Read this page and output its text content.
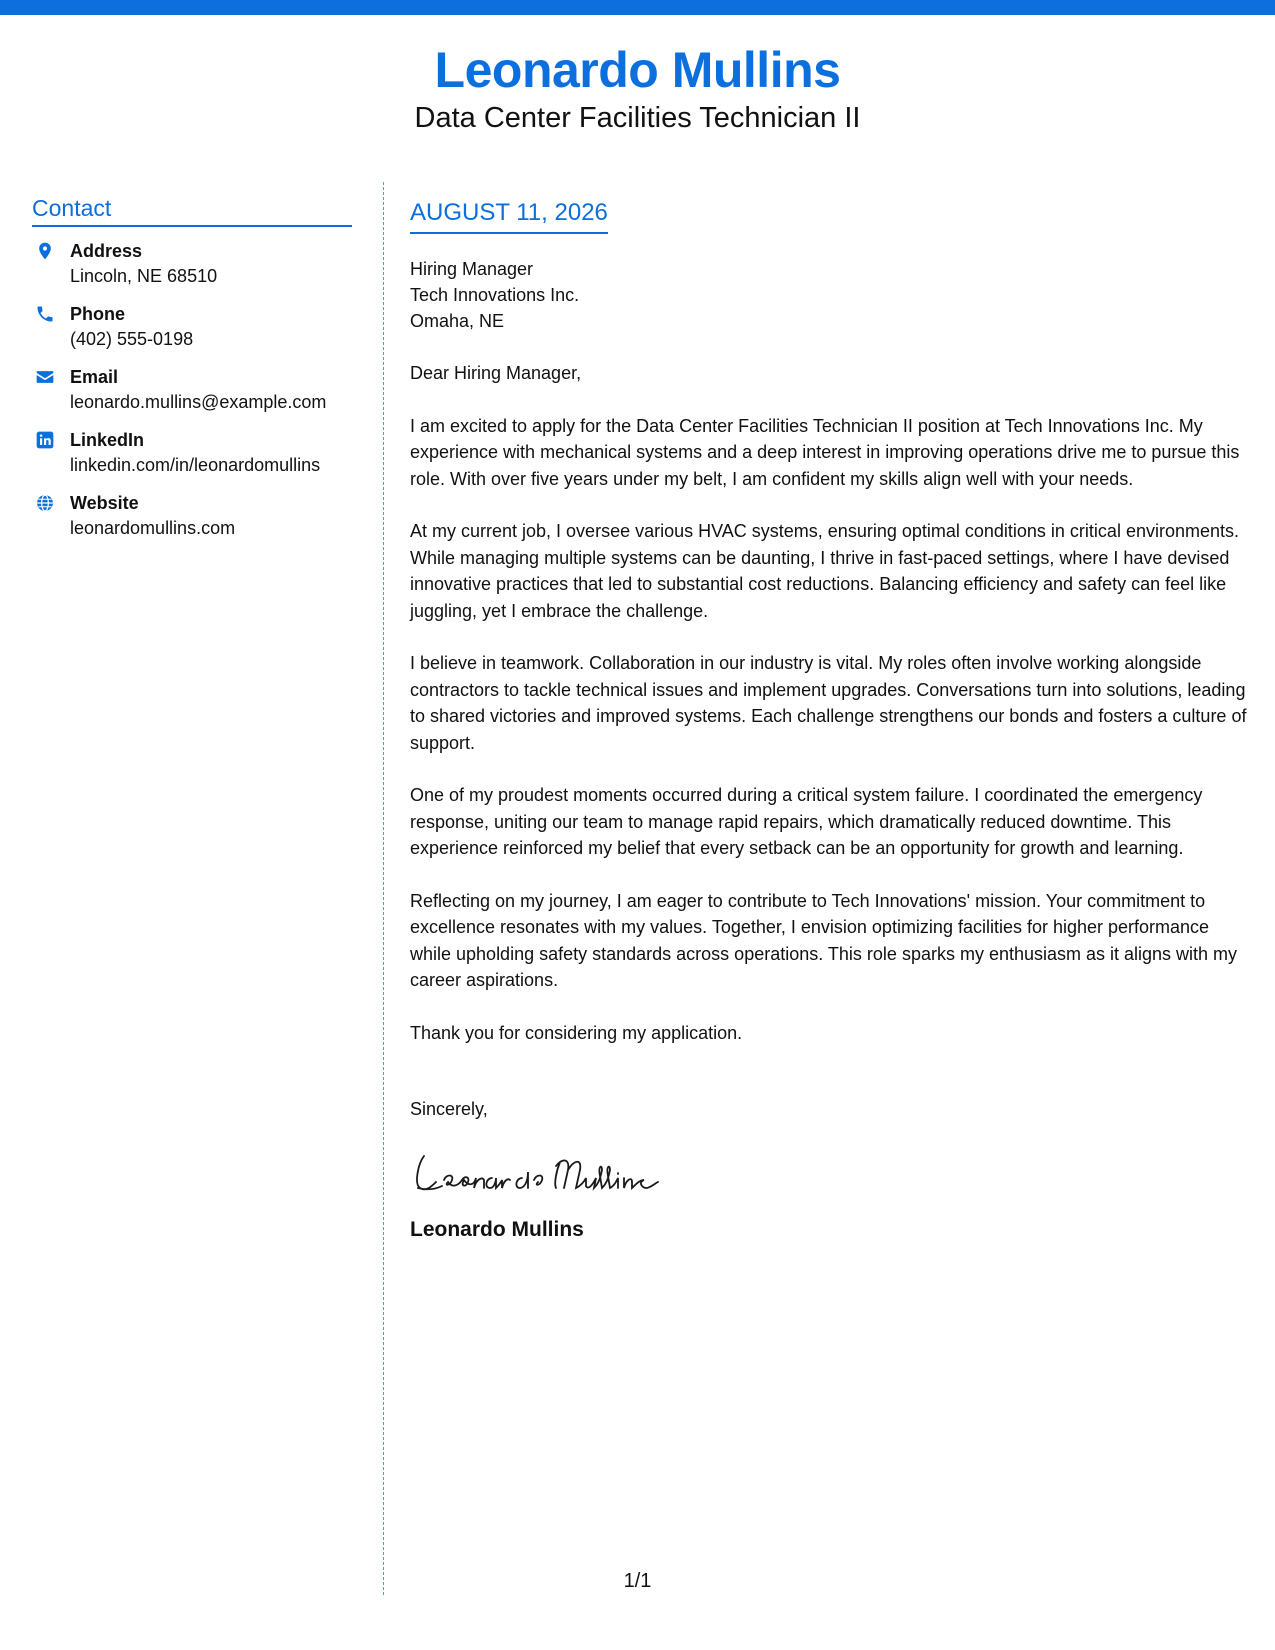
Leonardo Mullins
Data Center Facilities Technician II
Contact
Address
Lincoln, NE 68510
Phone
(402) 555-0198
Email
leonardo.mullins@example.com
LinkedIn
linkedin.com/in/leonardomullins
Website
leonardomullins.com
AUGUST 11, 2026
Hiring Manager
Tech Innovations Inc.
Omaha, NE

Dear Hiring Manager,

I am excited to apply for the Data Center Facilities Technician II position at Tech Innovations Inc. My experience with mechanical systems and a deep interest in improving operations drive me to pursue this role. With over five years under my belt, I am confident my skills align well with your needs.

At my current job, I oversee various HVAC systems, ensuring optimal conditions in critical environments. While managing multiple systems can be daunting, I thrive in fast-paced settings, where I have devised innovative practices that led to substantial cost reductions. Balancing efficiency and safety can feel like juggling, yet I embrace the challenge.

I believe in teamwork. Collaboration in our industry is vital. My roles often involve working alongside contractors to tackle technical issues and implement upgrades. Conversations turn into solutions, leading to shared victories and improved systems. Each challenge strengthens our bonds and fosters a culture of support.

One of my proudest moments occurred during a critical system failure. I coordinated the emergency response, uniting our team to manage rapid repairs, which dramatically reduced downtime. This experience reinforced my belief that every setback can be an opportunity for growth and learning.

Reflecting on my journey, I am eager to contribute to Tech Innovations' mission. Your commitment to excellence resonates with my values. Together, I envision optimizing facilities for higher performance while upholding safety standards across operations. This role sparks my enthusiasm as it aligns with my career aspirations.

Thank you for considering my application.

Sincerely,
Leonardo Mullins
1/1
